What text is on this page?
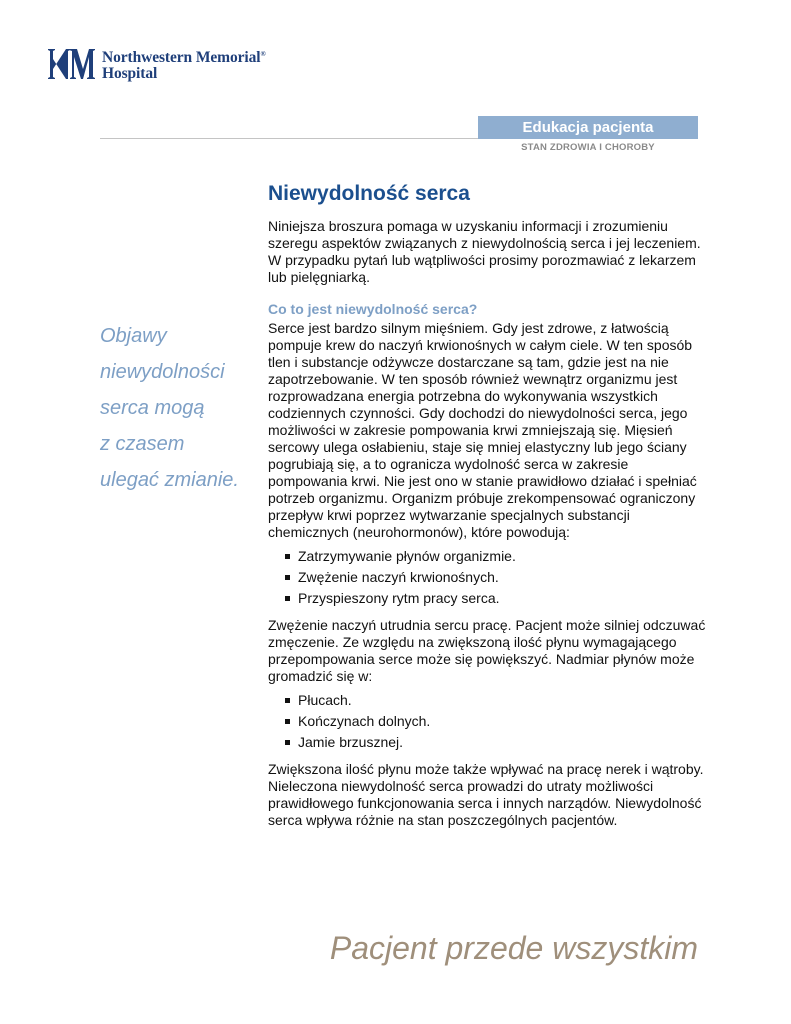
Northwestern Memorial®
Hospital
Edukacja pacjenta
STAN ZDROWIA I CHOROBY
Objawy
niewydolności
serca mogą
z czasem
ulegać zmianie.
Niewydolność serca

Niniejsza broszura pomaga w uzyskaniu informacji i zrozumieniu szeregu aspektów związanych z niewydolnością serca i jej leczeniem. W przypadku pytań lub wątpliwości prosimy porozmawiać z lekarzem lub pielęgniarką.

Co to jest niewydolność serca?

Serce jest bardzo silnym mięśniem. Gdy jest zdrowe, z łatwością pompuje krew do naczyń krwionośnych w całym ciele. W ten sposób tlen i substancje odżywcze dostarczane są tam, gdzie jest na nie zapotrzebowanie. W ten sposób również wewnątrz organizmu jest rozprowadzana energia potrzebna do wykonywania wszystkich codziennych czynności. Gdy dochodzi do niewydolności serca, jego możliwości w zakresie pompowania krwi zmniejszają się. Mięsień sercowy ulega osłabieniu, staje się mniej elastyczny lub jego ściany pogrubiają się, a to ogranicza wydolność serca w zakresie pompowania krwi. Nie jest ono w stanie prawidłowo działać i spełniać potrzeb organizmu. Organizm próbuje zrekompensować ograniczony przepływ krwi poprzez wytwarzanie specjalnych substancji chemicznych (neurohormonów), które powodują:

Zatrzymywanie płynów organizmie.
Zwężenie naczyń krwionośnych.
Przyspieszony rytm pracy serca.

Zwężenie naczyń utrudnia sercu pracę. Pacjent może silniej odczuwać zmęczenie. Ze względu na zwiększoną ilość płynu wymagającego przepompowania serce może się powiększyć. Nadmiar płynów może gromadzić się w:

Płucach.
Kończynach dolnych.
Jamie brzusznej.

Zwiększona ilość płynu może także wpływać na pracę nerek i wątroby. Nieleczona niewydolność serca prowadzi do utraty możliwości prawidłowego funkcjonowania serca i innych narządów. Niewydolność serca wpływa różnie na stan poszczególnych pacjentów.

Pacjent przede wszystkim
